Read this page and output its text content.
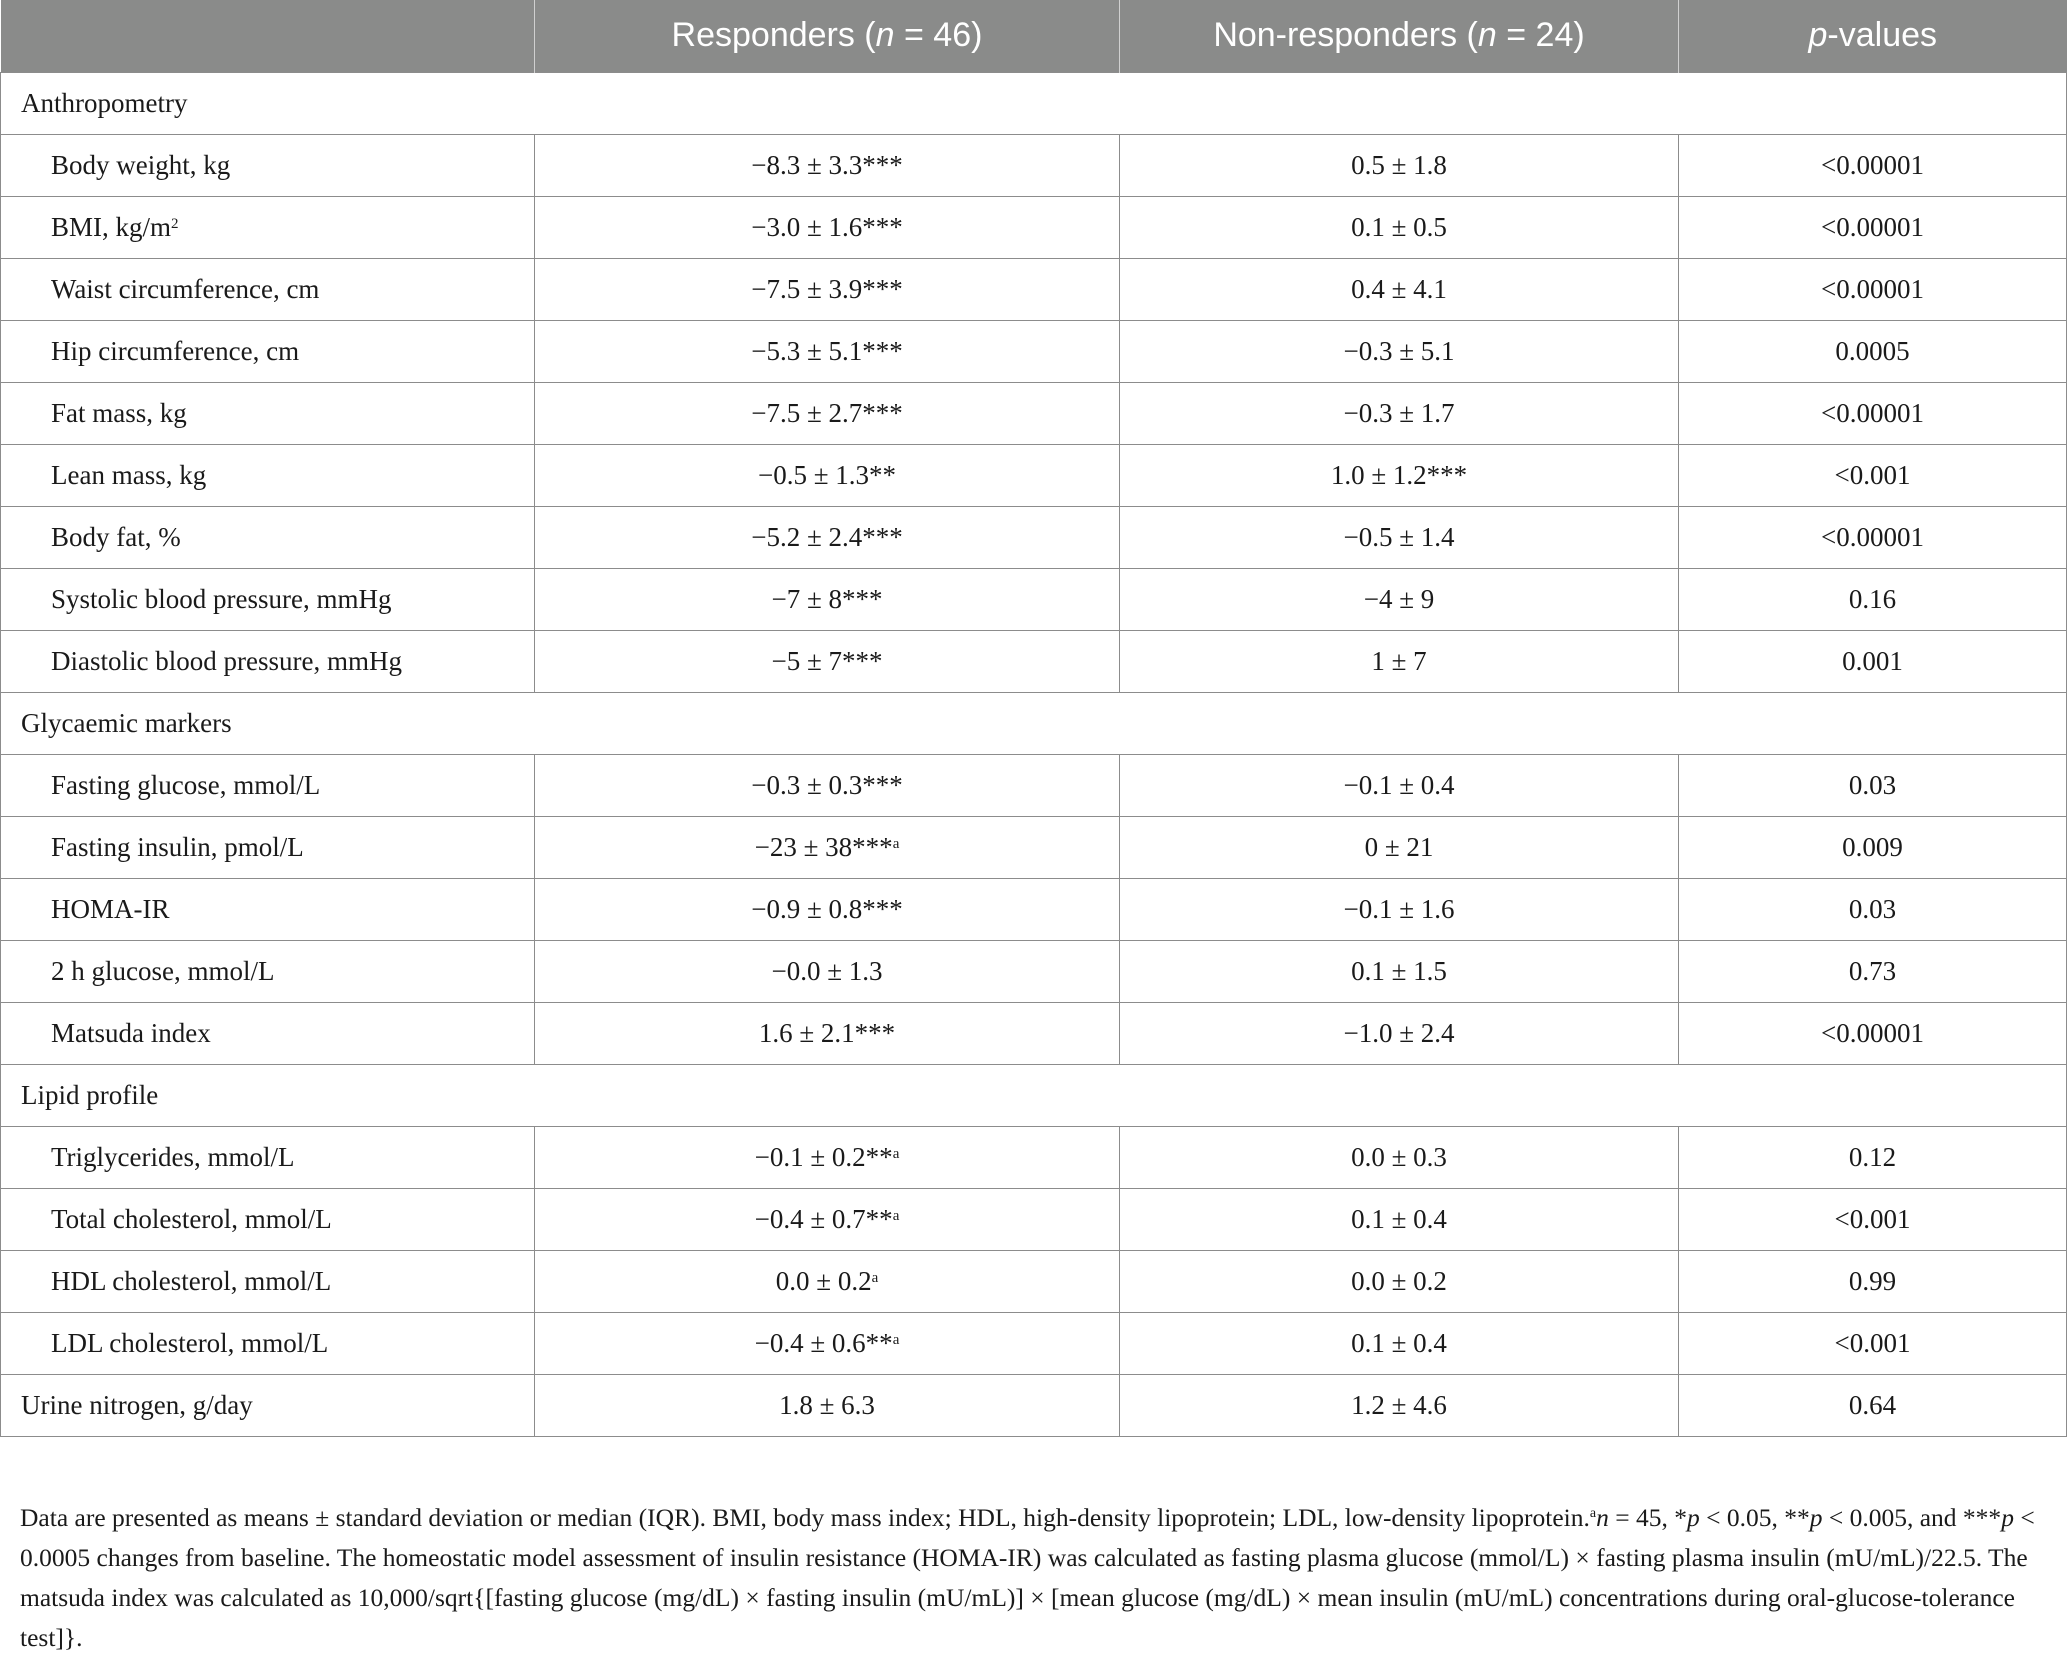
	Responders (n = 46)	Non-responders (n = 24)	p-values
Anthropometry			
Body weight, kg	−8.3 ± 3.3***	0.5 ± 1.8	<0.00001
BMI, $kg/m^2$	−3.0 ± 1.6***	0.1 ± 0.5	<0.00001
Waist circumference, cm	−7.5 ± 3.9***	0.4 ± 4.1	<0.00001
Hip circumference, cm	−5.3 ± 5.1***	−0.3 ± 5.1	0.0005
Fat mass, kg	−7.5 ± 2.7***	−0.3 ± 1.7	<0.00001
Lean mass, kg	−0.5 ± 1.3**	1.0 ± 1.2***	<0.001
Body fat, %	−5.2 ± 2.4***	−0.5 ± 1.4	<0.00001
Systolic blood pressure, mmHg	−7 ± 8***	−4 ± 9	0.16
Diastolic blood pressure, mmHg	−5 ± 7***	1 ± 7	0.001
Glycaemic markers			
Fasting glucose, mmol/L	−0.3 ± 0.3***	−0.1 ± 0.4	0.03
Fasting insulin, pmol/L	−23 ± 38***$^a$	0 ± 21	0.009
HOMA-IR	−0.9 ± 0.8***	−0.1 ± 1.6	0.03
2 h glucose, mmol/L	−0.0 ± 1.3	0.1 ± 1.5	0.73
Matsuda index	1.6 ± 2.1***	−1.0 ± 2.4	<0.00001
Lipid profile			
Triglycerides, mmol/L	−0.1 ± 0.2**$^a$	0.0 ± 0.3	0.12
Total cholesterol, mmol/L	−0.4 ± 0.7**$^a$	0.1 ± 0.4	<0.001
HDL cholesterol, mmol/L	0.0 ± 0.2$^a$	0.0 ± 0.2	0.99
LDL cholesterol, mmol/L	−0.4 ± 0.6**$^a$	0.1 ± 0.4	<0.001
Urine nitrogen, g/day	1.8 ± 6.3	1.2 ± 4.6	0.64
Data are presented as means ± standard deviation or median (IQR). BMI, body mass index; HDL, high-density lipoprotein; LDL, low-density lipoprotein.$^a$n = 45, *p < 0.05, **p < 0.005, and ***p < 0.0005 changes from baseline. The homeostatic model assessment of insulin resistance (HOMA-IR) was calculated as fasting plasma glucose (mmol/L) × fasting plasma insulin (mU/mL)/22.5. The matsuda index was calculated as 10,000/sqrt{[fasting glucose (mg/dL) × fasting insulin (mU/mL)] × [mean glucose (mg/dL) × mean insulin (mU/mL) concentrations during oral-glucose-tolerance test]}.
